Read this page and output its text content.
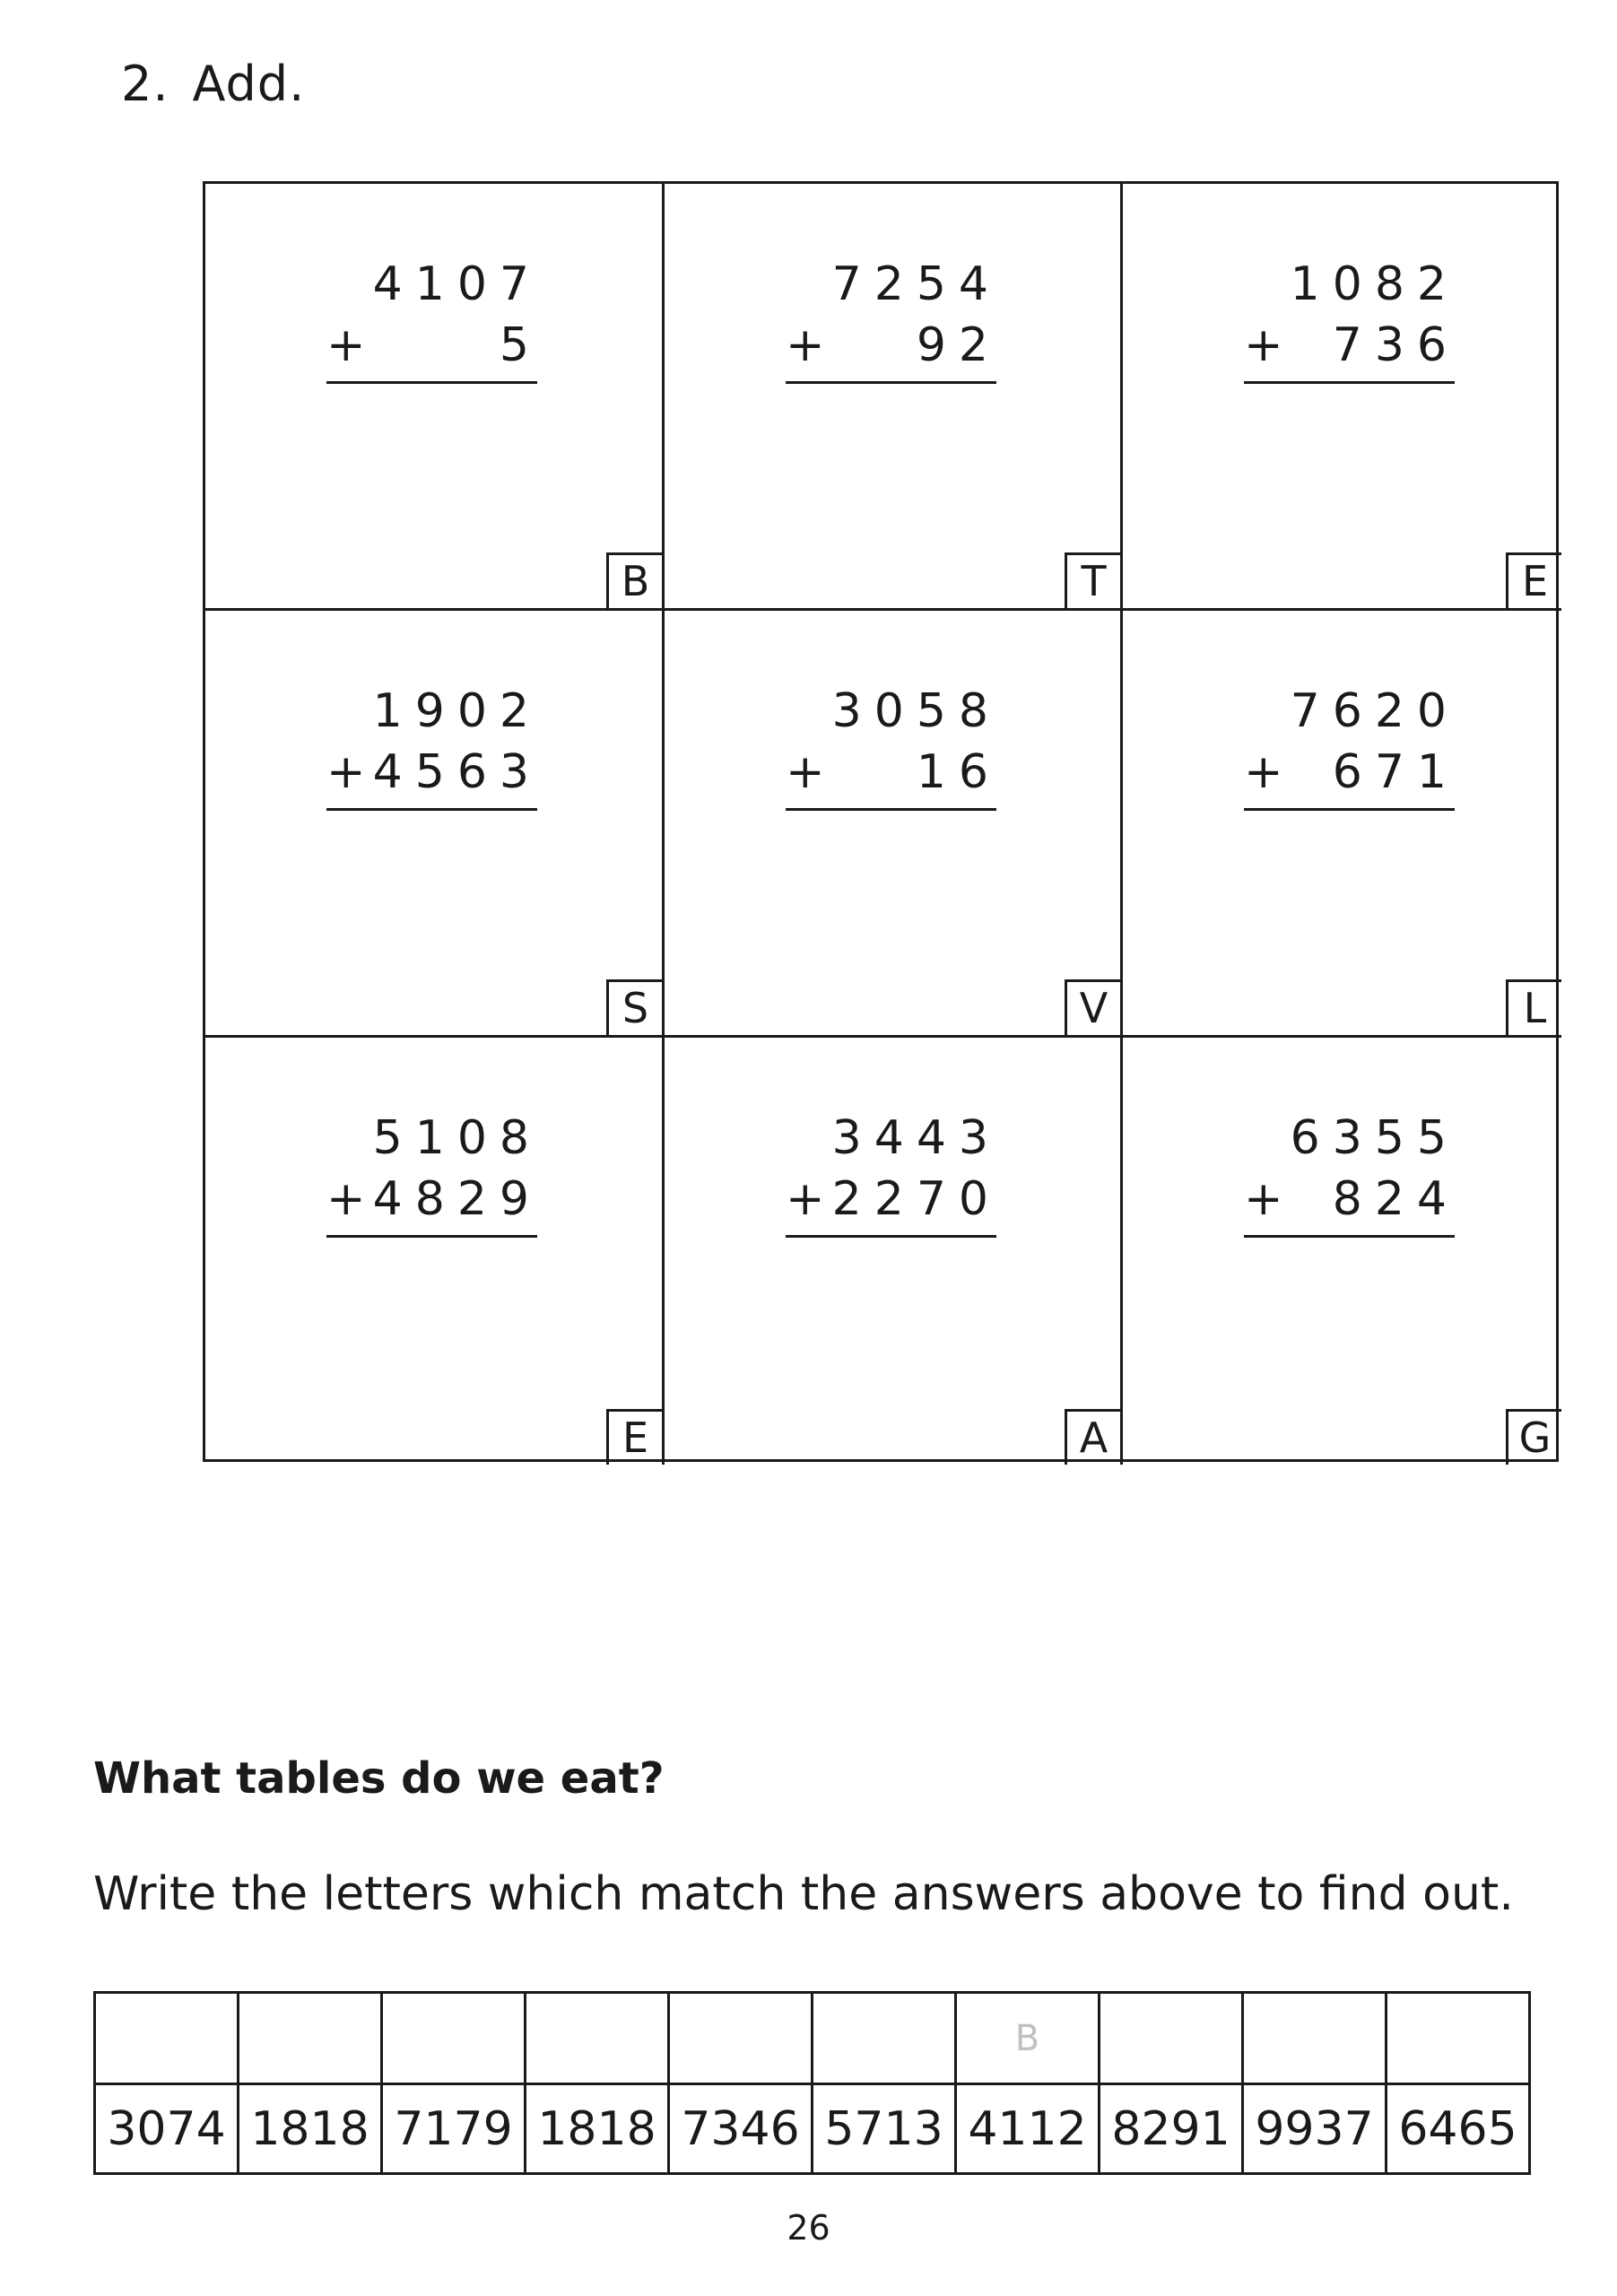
2. Add.
4107
+	5
B
7254
+ 92
T
1082
+ 736
E
1902
+ 4563
S
3058
+ 16
V
7620
+ 671
L
5108
+ 4829
E
3443
+ 2270
A
6355
+ 824
G
What tables do we eat?
Write the letters which match the answers above to find out.
						B			
3074	1818	7179	1818	7346	5713	4112	8291	9937	6465
26
